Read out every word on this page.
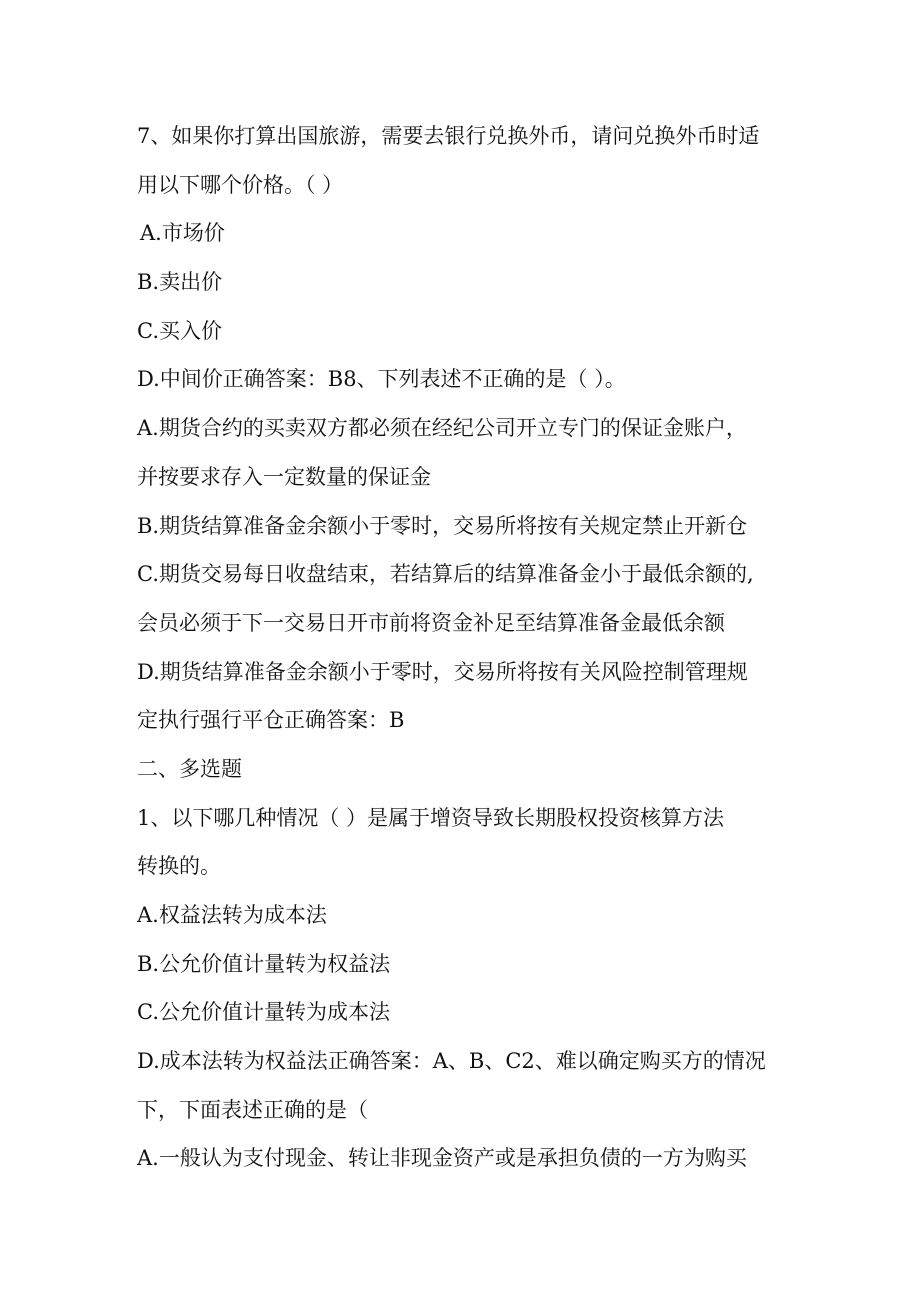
7、如果你打算出国旅游，需要去银行兑换外币，请问兑换外币时适
用以下哪个价格。（ ）
A.市场价
B.卖出价
C.买入价
D.中间价正确答案：B8、下列表述不正确的是（ ）。
A.期货合约的买卖双方都必须在经纪公司开立专门的保证金账户，
并按要求存入一定数量的保证金
B.期货结算准备金余额小于零时，交易所将按有关规定禁止开新仓
C.期货交易每日收盘结束，若结算后的结算准备金小于最低余额的,
会员必须于下一交易日开市前将资金补足至结算准备金最低余额
D.期货结算准备金余额小于零时，交易所将按有关风险控制管理规
定执行强行平仓正确答案：B
二、多选题
1、以下哪几种情况（ ）是属于增资导致长期股权投资核算方法
转换的。
A.权益法转为成本法
B.公允价值计量转为权益法
C.公允价值计量转为成本法
D.成本法转为权益法正确答案：A、B、C2、难以确定购买方的情况
下，下面表述正确的是（
A.一般认为支付现金、转让非现金资产或是承担负债的一方为购买
